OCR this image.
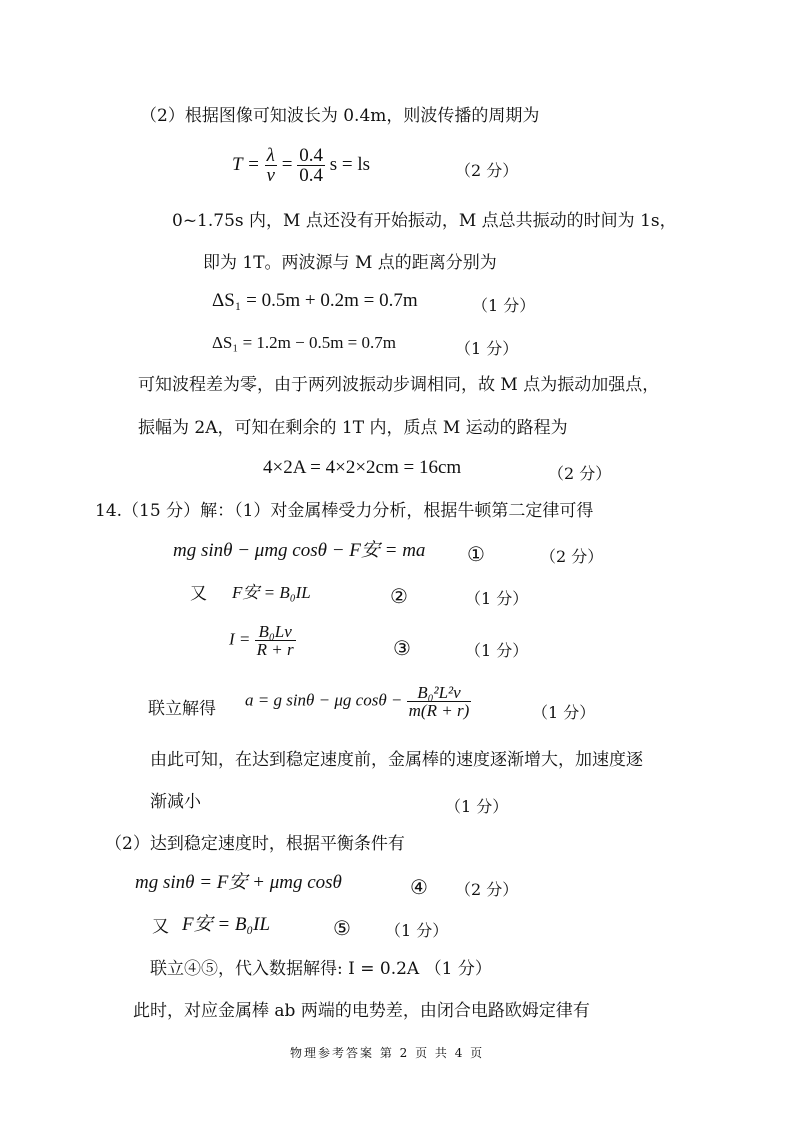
（2）根据图像可知波长为 0.4m，则波传播的周期为
$T = \frac{\lambda}{v} = \frac{0.4}{0.4}$ s = ls	（2 分）
0~1.75s 内，M 点还没有开始振动，M 点总共振动的时间为 1s，
即为 1T。两波源与 M 点的距离分别为
ΔS₁ = 0.5m + 0.2m = 0.7m	（1 分）
ΔS₁ = 1.2m − 0.5m = 0.7m	（1 分）
可知波程差为零，由于两列波振动步调相同，故 M 点为振动加强点，
振幅为 2A，可知在剩余的 1T 内，质点 M 运动的路程为
4×2A = 4×2×2cm = 16cm	（2 分）
14.（15 分）解：（1）对金属棒受力分析，根据牛顿第二定律可得
mg sinθ − μmg cosθ − F安 = ma ①	（2 分）
又 F安 = B₀IL	②	（1 分）
$I = \frac{\text{B₀Lv}}{R + r}$	③	（1 分）
联立解得 a = g sinθ − μg $\cos\theta - \frac{\text{B₀²L²v}}{m(R + r)}$	（1 分）
由此可知，在达到稳定速度前，金属棒的速度逐渐增大，加速度逐
渐减小	（1 分）
（2）达到稳定速度时，根据平衡条件有
mg sinθ = F安 + μmg cosθ	④ （2 分）
又 F安 = B₀IL	⑤ （1 分）
联立④⑤，代入数据解得: I = 0.2A （1 分）
此时，对应金属棒 ab 两端的电势差，由闭合电路欧姆定律有
物理参考答案 第 2 页 共 4 页
